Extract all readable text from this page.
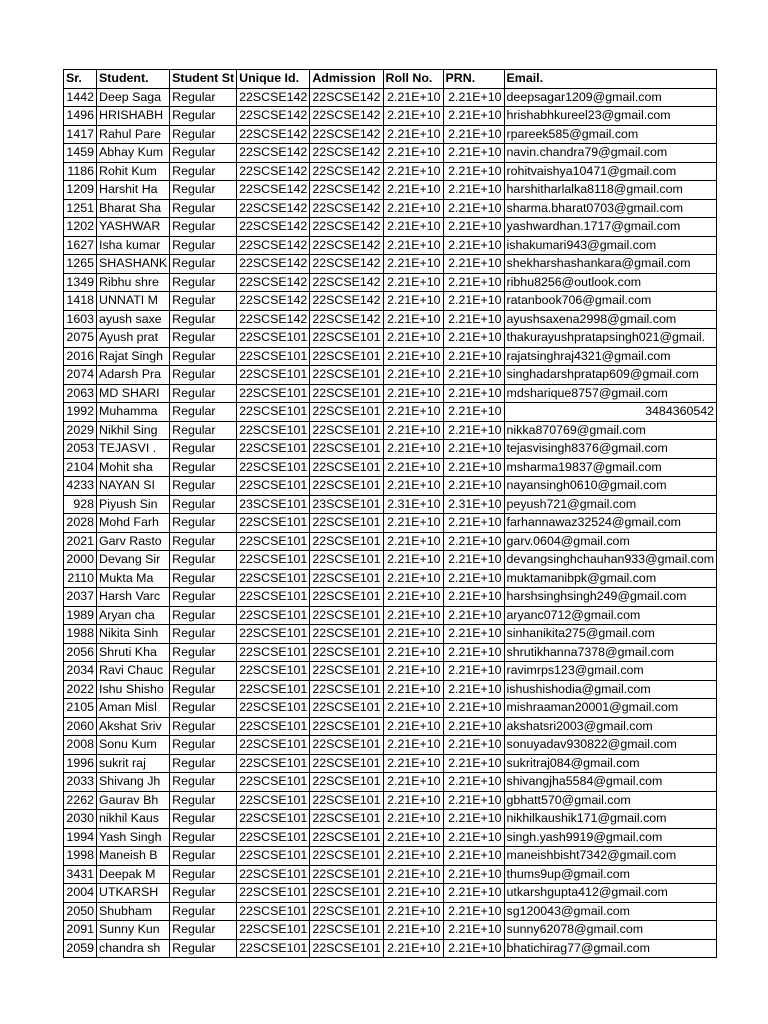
Sr.	Student.	Student St	Unique Id.	Admission	Roll No.	PRN.	Email.
1442	Deep Saga	Regular	22SCSE142	22SCSE142	2.21E+10	2.21E+10	deepsagar1209@gmail.com
1496	HRISHABH	Regular	22SCSE142	22SCSE142	2.21E+10	2.21E+10	hrishabhkureel23@gmail.com
1417	Rahul Pare	Regular	22SCSE142	22SCSE142	2.21E+10	2.21E+10	rpareek585@gmail.com
1459	Abhay Kum	Regular	22SCSE142	22SCSE142	2.21E+10	2.21E+10	navin.chandra79@gmail.com
1186	Rohit Kum	Regular	22SCSE142	22SCSE142	2.21E+10	2.21E+10	rohitvaishya10471@gmail.com
1209	Harshit Ha	Regular	22SCSE142	22SCSE142	2.21E+10	2.21E+10	harshitharlalka8118@gmail.com
1251	Bharat Sha	Regular	22SCSE142	22SCSE142	2.21E+10	2.21E+10	sharma.bharat0703@gmail.com
1202	YASHWAR	Regular	22SCSE142	22SCSE142	2.21E+10	2.21E+10	yashwardhan.1717@gmail.com
1627	Isha kumar	Regular	22SCSE142	22SCSE142	2.21E+10	2.21E+10	ishakumari943@gmail.com
1265	SHASHANK	Regular	22SCSE142	22SCSE142	2.21E+10	2.21E+10	shekharshashankara@gmail.com
1349	Ribhu shre	Regular	22SCSE142	22SCSE142	2.21E+10	2.21E+10	ribhu8256@outlook.com
1418	UNNATI M	Regular	22SCSE142	22SCSE142	2.21E+10	2.21E+10	ratanbook706@gmail.com
1603	ayush saxe	Regular	22SCSE142	22SCSE142	2.21E+10	2.21E+10	ayushsaxena2998@gmail.com
2075	Ayush prat	Regular	22SCSE101	22SCSE101	2.21E+10	2.21E+10	thakurayushpratapsingh021@gmail.
2016	Rajat Singh	Regular	22SCSE101	22SCSE101	2.21E+10	2.21E+10	rajatsinghraj4321@gmail.com
2074	Adarsh Pra	Regular	22SCSE101	22SCSE101	2.21E+10	2.21E+10	singhadarshpratap609@gmail.com
2063	MD SHARI	Regular	22SCSE101	22SCSE101	2.21E+10	2.21E+10	mdsharique8757@gmail.com
1992	Muhamma	Regular	22SCSE101	22SCSE101	2.21E+10	2.21E+10	3484360542
2029	Nikhil Sing	Regular	22SCSE101	22SCSE101	2.21E+10	2.21E+10	nikka870769@gmail.com
2053	TEJASVI .	Regular	22SCSE101	22SCSE101	2.21E+10	2.21E+10	tejasvisingh8376@gmail.com
2104	Mohit sha	Regular	22SCSE101	22SCSE101	2.21E+10	2.21E+10	msharma19837@gmail.com
4233	NAYAN SI	Regular	22SCSE101	22SCSE101	2.21E+10	2.21E+10	nayansingh0610@gmail.com
928	Piyush Sin	Regular	23SCSE101	23SCSE101	2.31E+10	2.31E+10	peyush721@gmail.com
2028	Mohd Farh	Regular	22SCSE101	22SCSE101	2.21E+10	2.21E+10	farhannawaz32524@gmail.com
2021	Garv Rasto	Regular	22SCSE101	22SCSE101	2.21E+10	2.21E+10	garv.0604@gmail.com
2000	Devang Sir	Regular	22SCSE101	22SCSE101	2.21E+10	2.21E+10	devangsinghchauhan933@gmail.com
2110	Mukta Ma	Regular	22SCSE101	22SCSE101	2.21E+10	2.21E+10	muktamanibpk@gmail.com
2037	Harsh Varc	Regular	22SCSE101	22SCSE101	2.21E+10	2.21E+10	harshsinghsingh249@gmail.com
1989	Aryan cha	Regular	22SCSE101	22SCSE101	2.21E+10	2.21E+10	aryanc0712@gmail.com
1988	Nikita Sinh	Regular	22SCSE101	22SCSE101	2.21E+10	2.21E+10	sinhanikita275@gmail.com
2056	Shruti Kha	Regular	22SCSE101	22SCSE101	2.21E+10	2.21E+10	shrutikhanna7378@gmail.com
2034	Ravi Chauc	Regular	22SCSE101	22SCSE101	2.21E+10	2.21E+10	ravimrps123@gmail.com
2022	Ishu Shisho	Regular	22SCSE101	22SCSE101	2.21E+10	2.21E+10	ishushishodia@gmail.com
2105	Aman Misl	Regular	22SCSE101	22SCSE101	2.21E+10	2.21E+10	mishraaman20001@gmail.com
2060	Akshat Sriv	Regular	22SCSE101	22SCSE101	2.21E+10	2.21E+10	akshatsri2003@gmail.com
2008	Sonu Kum	Regular	22SCSE101	22SCSE101	2.21E+10	2.21E+10	sonuyadav930822@gmail.com
1996	sukrit raj	Regular	22SCSE101	22SCSE101	2.21E+10	2.21E+10	sukritraj084@gmail.com
2033	Shivang Jh	Regular	22SCSE101	22SCSE101	2.21E+10	2.21E+10	shivangjha5584@gmail.com
2262	Gaurav Bh	Regular	22SCSE101	22SCSE101	2.21E+10	2.21E+10	gbhatt570@gmail.com
2030	nikhil Kaus	Regular	22SCSE101	22SCSE101	2.21E+10	2.21E+10	nikhilkaushik171@gmail.com
1994	Yash Singh	Regular	22SCSE101	22SCSE101	2.21E+10	2.21E+10	singh.yash9919@gmail.com
1998	Maneish B	Regular	22SCSE101	22SCSE101	2.21E+10	2.21E+10	maneishbisht7342@gmail.com
3431	Deepak M	Regular	22SCSE101	22SCSE101	2.21E+10	2.21E+10	thums9up@gmail.com
2004	UTKARSH	Regular	22SCSE101	22SCSE101	2.21E+10	2.21E+10	utkarshgupta412@gmail.com
2050	Shubham	Regular	22SCSE101	22SCSE101	2.21E+10	2.21E+10	sg120043@gmail.com
2091	Sunny Kun	Regular	22SCSE101	22SCSE101	2.21E+10	2.21E+10	sunny62078@gmail.com
2059	chandra sh	Regular	22SCSE101	22SCSE101	2.21E+10	2.21E+10	bhatichirag77@gmail.com
